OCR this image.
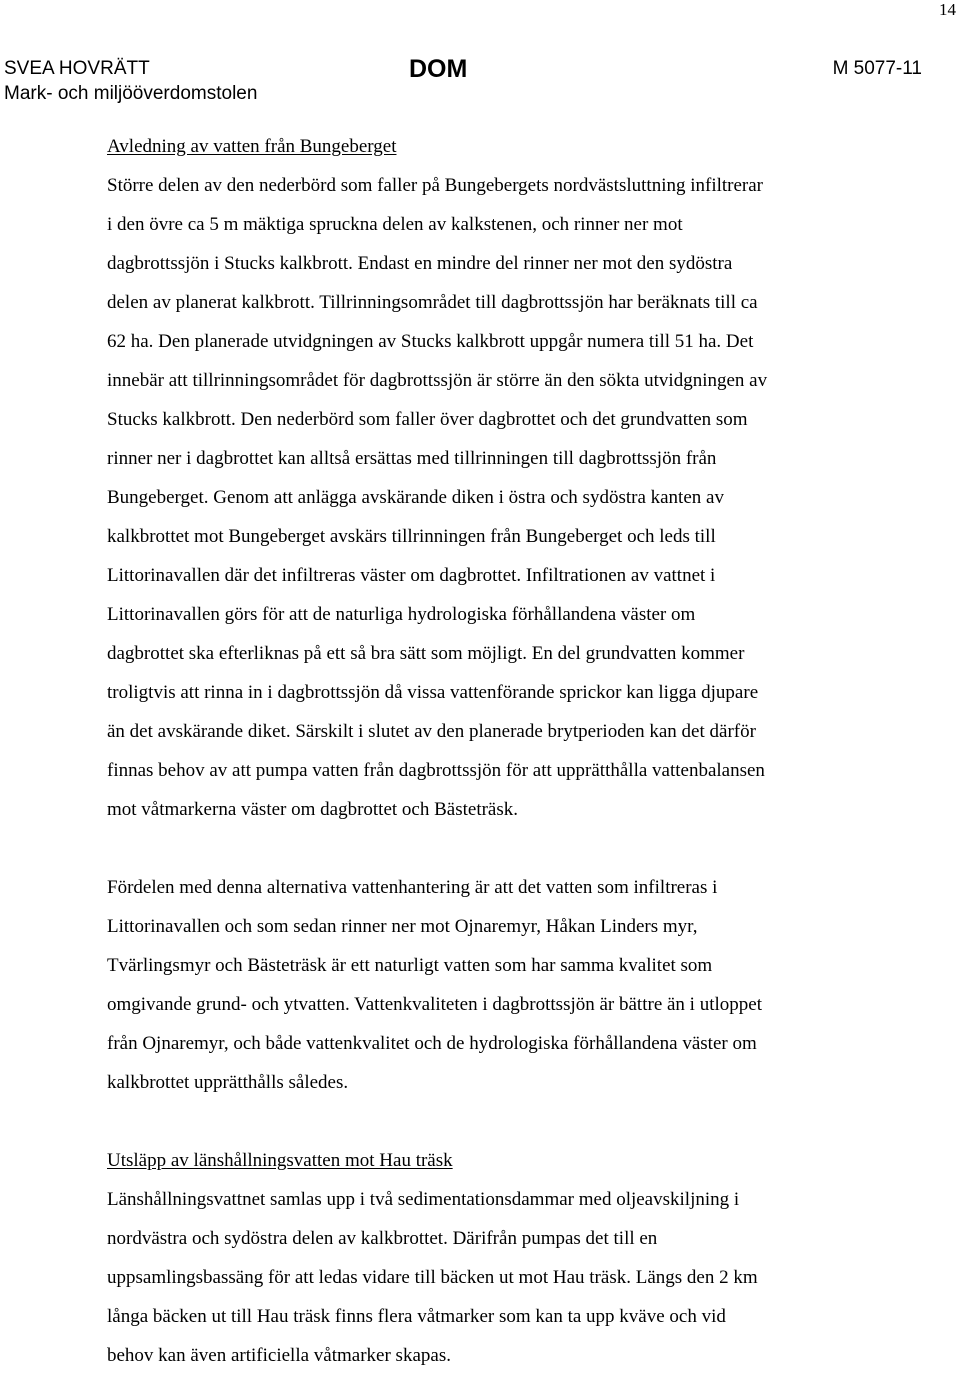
14
SVEA HOVRÄTT
Mark- och miljööverdomstolen
DOM	M 5077-11
Avledning av vatten från Bungeberget
Större delen av den nederbörd som faller på Bungebergets nordvästsluttning infiltrerar
i den övre ca 5 m mäktiga spruckna delen av kalkstenen, och rinner ner mot
dagbrottssjön i Stucks kalkbrott. Endast en mindre del rinner ner mot den sydöstra
delen av planerat kalkbrott. Tillrinningsområdet till dagbrottssjön har beräknats till ca
62 ha. Den planerade utvidgningen av Stucks kalkbrott uppgår numera till 51 ha. Det
innebär att tillrinningsområdet för dagbrottssjön är större än den sökta utvidgningen av
Stucks kalkbrott. Den nederbörd som faller över dagbrottet och det grundvatten som
rinner ner i dagbrottet kan alltså ersättas med tillrinningen till dagbrottssjön från
Bungeberget. Genom att anlägga avskärande diken i östra och sydöstra kanten av
kalkbrottet mot Bungeberget avskärs tillrinningen från Bungeberget och leds till
Littorinavallen där det infiltreras väster om dagbrottet. Infiltrationen av vattnet i
Littorinavallen görs för att de naturliga hydrologiska förhållandena väster om
dagbrottet ska efterliknas på ett så bra sätt som möjligt. En del grundvatten kommer
troligtvis att rinna in i dagbrottssjön då vissa vattenförande sprickor kan ligga djupare
än det avskärande diket. Särskilt i slutet av den planerade brytperioden kan det därför
finnas behov av att pumpa vatten från dagbrottssjön för att upprätthålla vattenbalansen
mot våtmarkerna väster om dagbrottet och Bästeträsk.
Fördelen med denna alternativa vattenhantering är att det vatten som infiltreras i
Littorinavallen och som sedan rinner ner mot Ojnaremyr, Håkan Linders myr,
Tvärlingsmyr och Bästeträsk är ett naturligt vatten som har samma kvalitet som
omgivande grund- och ytvatten. Vattenkvaliteten i dagbrottssjön är bättre än i utloppet
från Ojnaremyr, och både vattenkvalitet och de hydrologiska förhållandena väster om
kalkbrottet upprätthålls således.
Utsläpp av länshållningsvatten mot Hau träsk
Länshållningsvattnet samlas upp i två sedimentationsdammar med oljeavskiljning i
nordvästra och sydöstra delen av kalkbrottet. Därifrån pumpas det till en
uppsamlingsbassäng för att ledas vidare till bäcken ut mot Hau träsk. Längs den 2 km
långa bäcken ut till Hau träsk finns flera våtmarker som kan ta upp kväve och vid
behov kan även artificiella våtmarker skapas.
